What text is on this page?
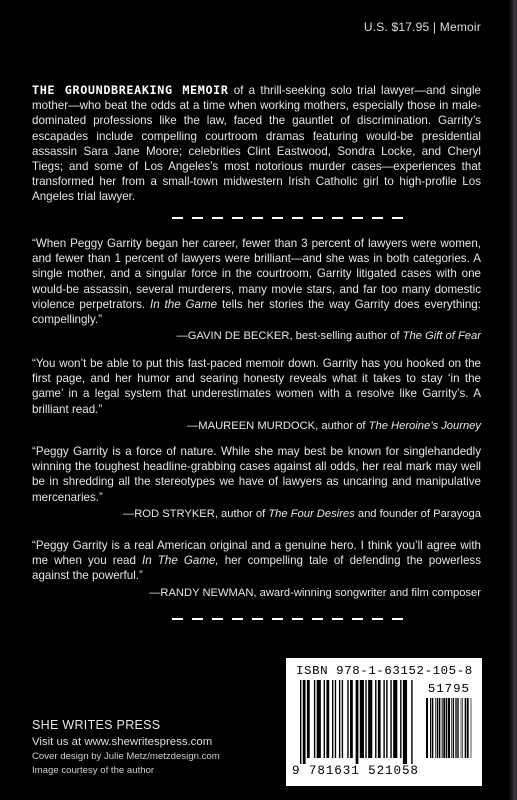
U.S. $17.95 | Memoir
THE GROUNDBREAKING MEMOIR of a thrill-seeking solo trial lawyer—and single mother—who beat the odds at a time when working mothers, especially those in male-dominated professions like the law, faced the gauntlet of discrimination. Garrity’s escapades include compelling courtroom dramas featuring would-be presidential assassin Sara Jane Moore; celebrities Clint Eastwood, Sondra Locke, and Cheryl Tiegs; and some of Los Angeles’s most notorious murder cases—experiences that transformed her from a small-town midwestern Irish Catholic girl to high-profile Los Angeles trial lawyer.
“When Peggy Garrity began her career, fewer than 3 percent of lawyers were women, and fewer than 1 percent of lawyers were brilliant—and she was in both categories. A single mother, and a singular force in the courtroom, Garrity litigated cases with one would-be assassin, several murderers, many movie stars, and far too many domestic violence perpetrators. In the Game tells her stories the way Garrity does everything: compellingly.”
—GAVIN DE BECKER, best-selling author of The Gift of Fear
“You won’t be able to put this fast-paced memoir down. Garrity has you hooked on the first page, and her humor and searing honesty reveals what it takes to stay ‘in the game’ in a legal system that underestimates women with a resolve like Garrity’s. A brilliant read.”
—MAUREEN MURDOCK, author of The Heroine’s Journey
“Peggy Garrity is a force of nature. While she may best be known for singlehandedly winning the toughest headline-grabbing cases against all odds, her real mark may well be in shredding all the stereotypes we have of lawyers as uncaring and manipulative mercenaries.”
—ROD STRYKER, author of The Four Desires and founder of Parayoga
“Peggy Garrity is a real American original and a genuine hero. I think you’ll agree with me when you read In The Game, her compelling tale of defending the powerless against the powerful.”
—RANDY NEWMAN, award-winning songwriter and film composer
SHE WRITES PRESS
Visit us at www.shewritespress.com
Cover design by Julie Metz/metzdesign.com
Image courtesy of the author
ISBN 978-1-63152-105-8
51795
9 781631 521058
